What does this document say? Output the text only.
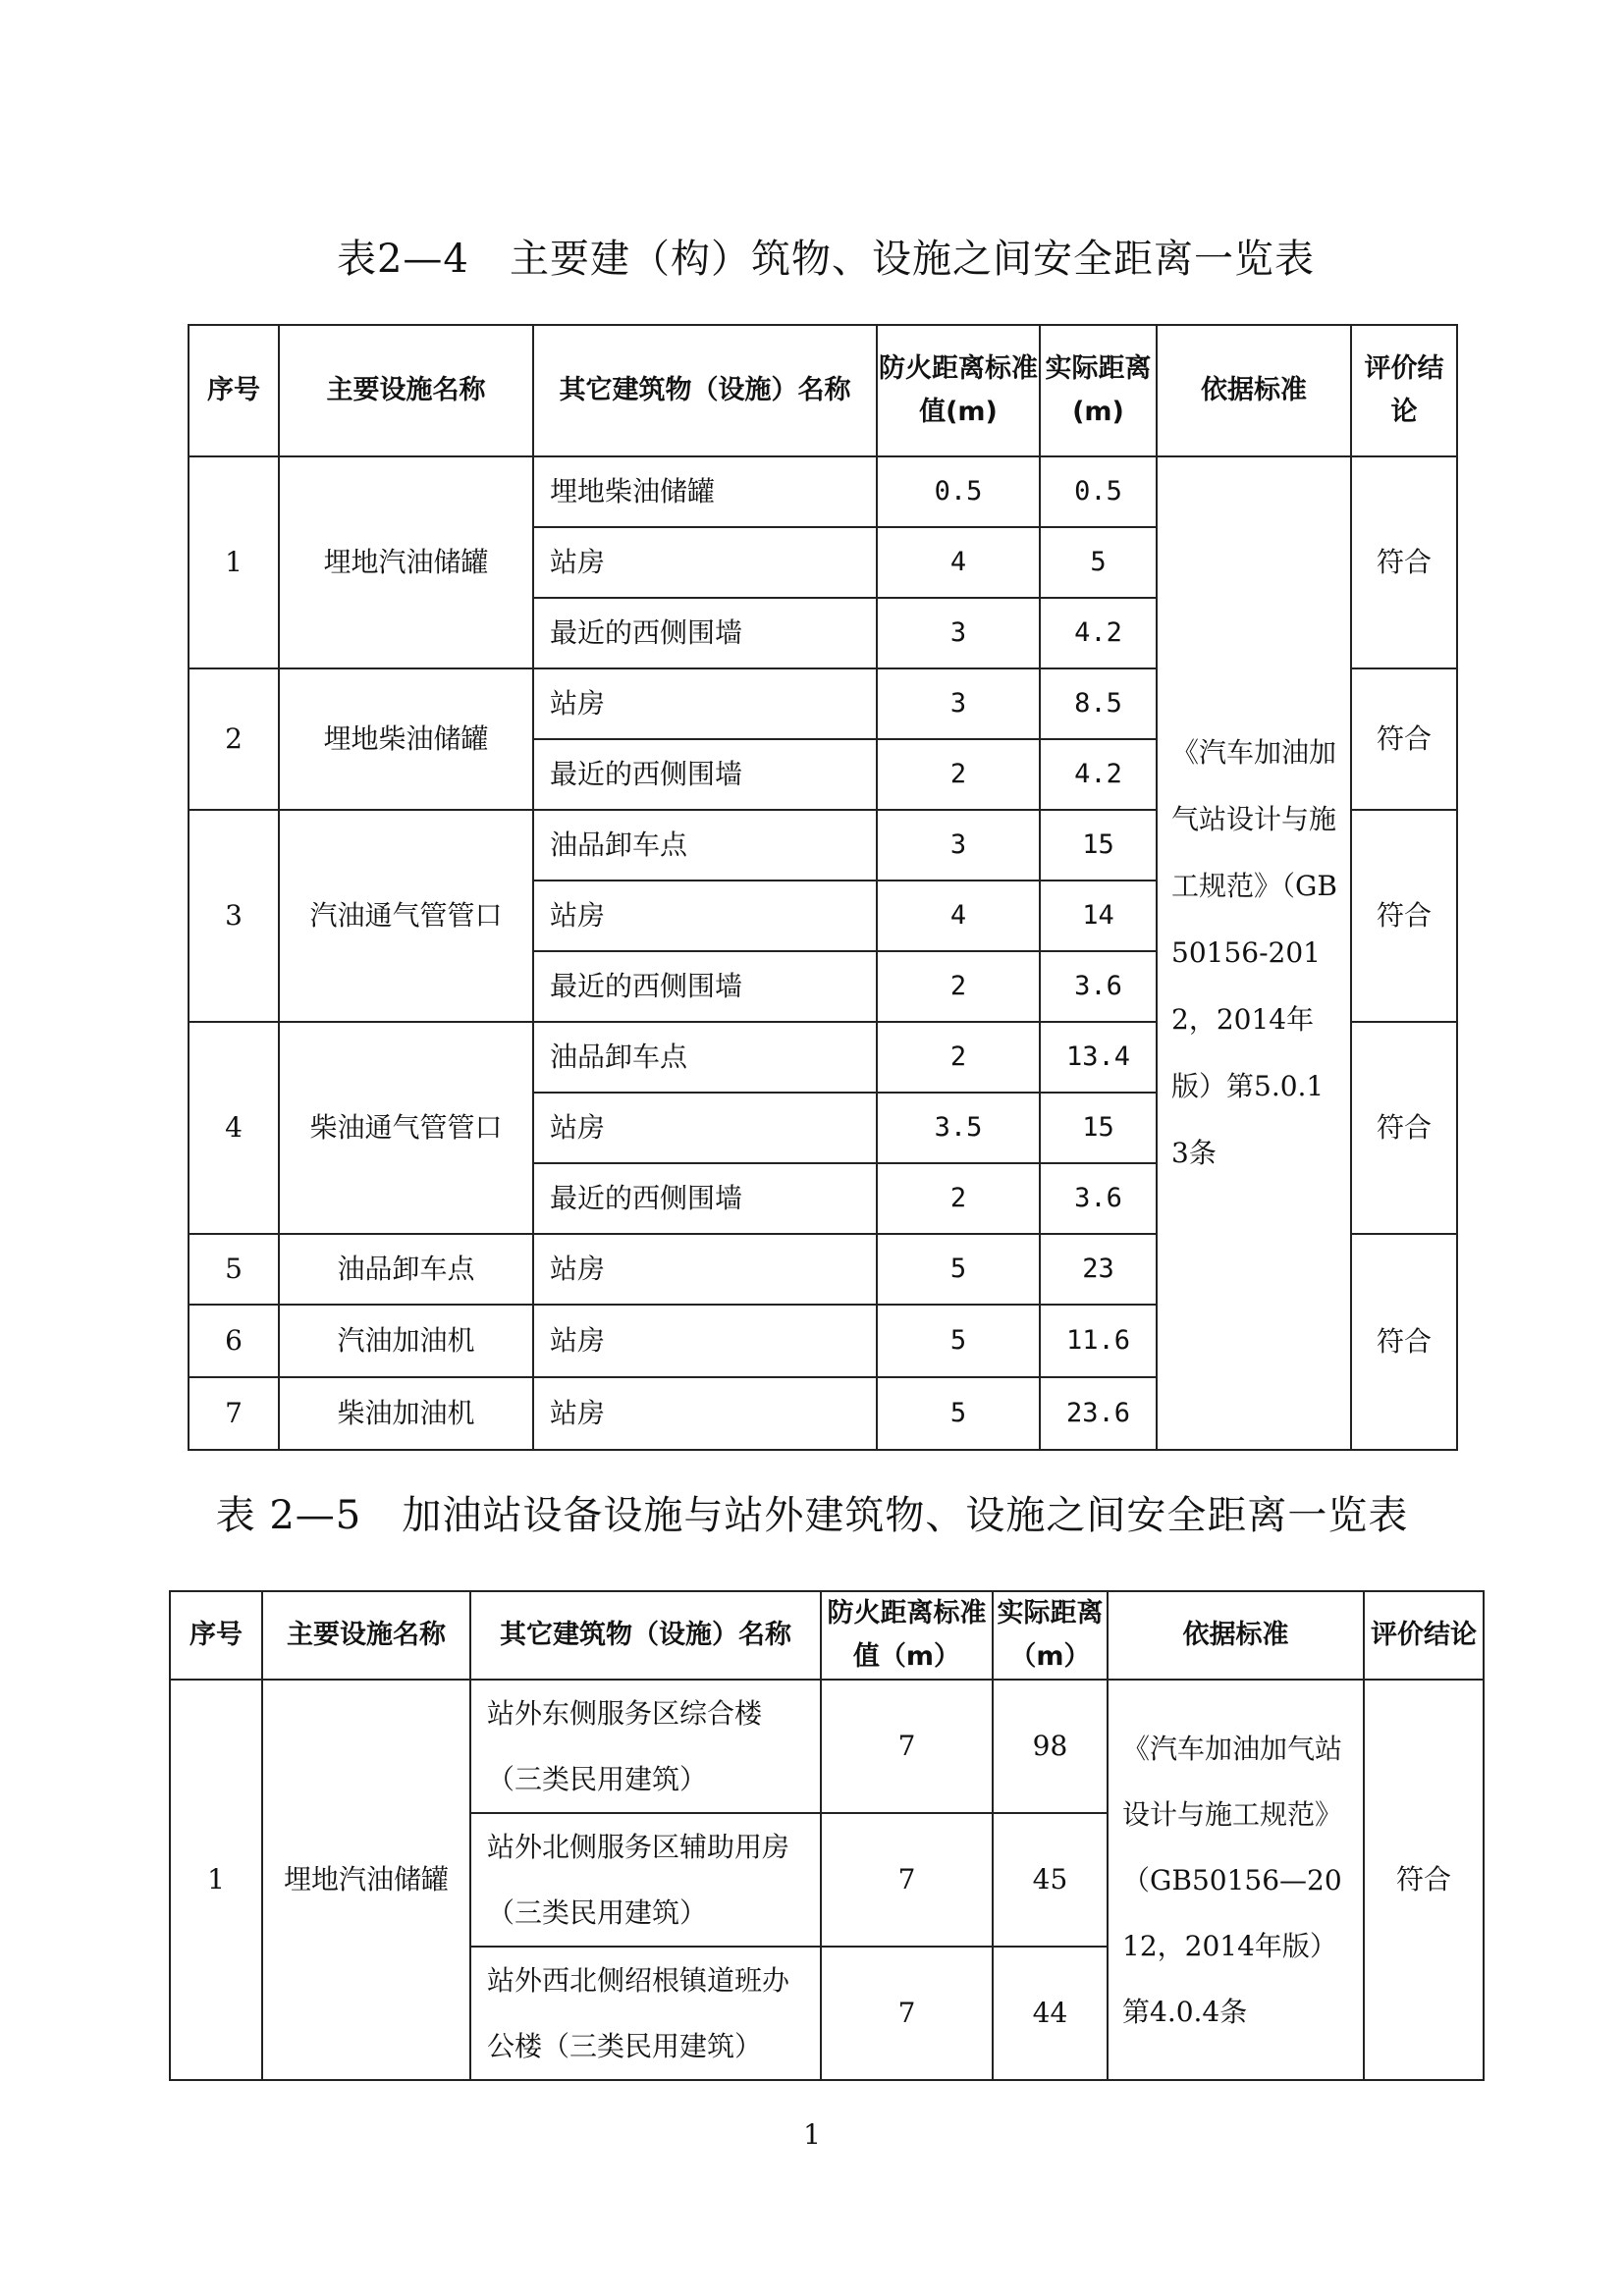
表2—4   主要建（构）筑物、设施之间安全距离一览表
序号	主要设施名称	其它建筑物（设施）名称	防火距离标准值(m)	实际距离(m)	依据标准	评价结论
1	埋地汽油储罐	埋地柴油储罐	0.5	0.5	《汽车加油加气站设计与施工规范》（GB50156-2012，2014年版）第5.0.13条	符合
		站房	4	5		
		最近的西侧围墙	3	4.2		
2	埋地柴油储罐	站房	3	8.5		符合
		最近的西侧围墙	2	4.2		
3	汽油通气管管口	油品卸车点	3	15		符合
		站房	4	14		
		最近的西侧围墙	2	3.6		
4	柴油通气管管口	油品卸车点	2	13.4		符合
		站房	3.5	15		
		最近的西侧围墙	2	3.6		
5	油品卸车点	站房	5	23		符合
6	汽油加油机	站房	5	11.6		
7	柴油加油机	站房	5	23.6		
表 2—5   加油站设备设施与站外建筑物、设施之间安全距离一览表
序号	主要设施名称	其它建筑物（设施）名称	防火距离标准值（m）	实际距离（m）	依据标准	评价结论
1	埋地汽油储罐	站外东侧服务区综合楼（三类民用建筑）	7	98	《汽车加油加气站设计与施工规范》（GB50156—2012，2014年版）第4.0.4条	符合
		站外北侧服务区辅助用房（三类民用建筑）	7	45		
		站外西北侧绍根镇道班办公楼（三类民用建筑）	7	44		
1
